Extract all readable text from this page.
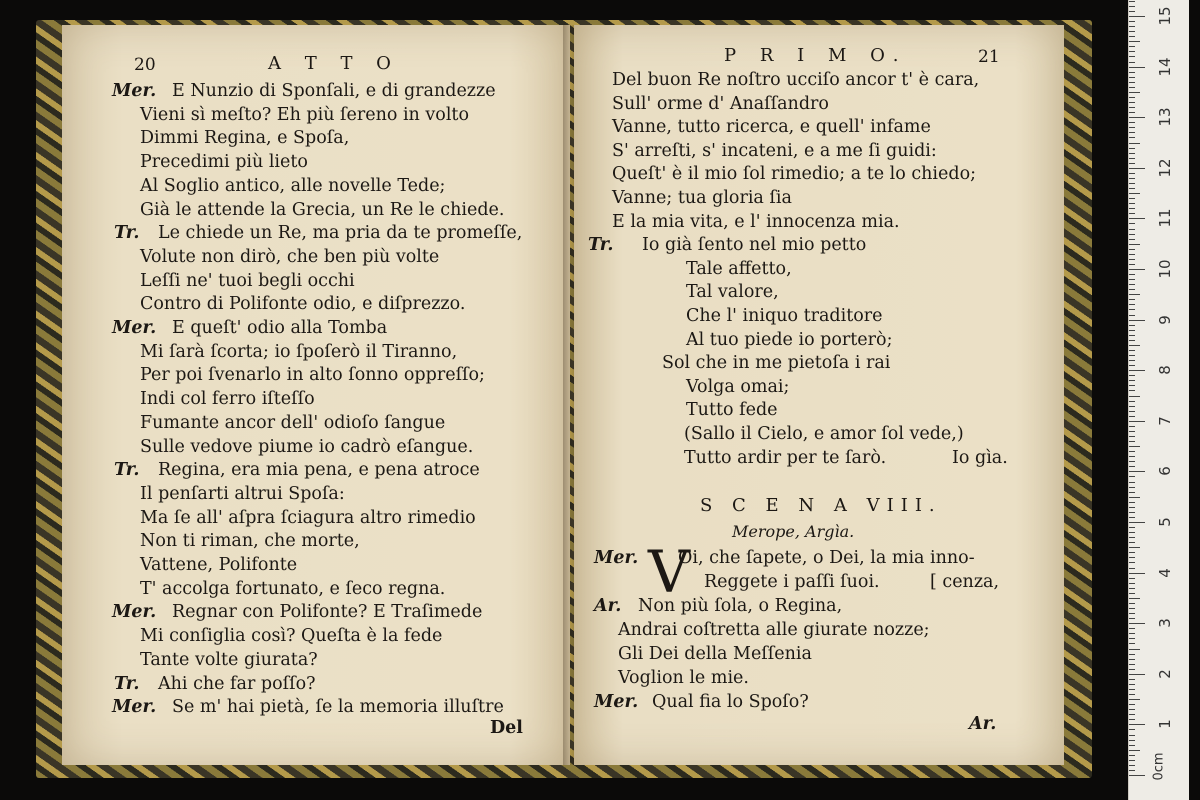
20	A T T O
Mer. E Nunzio di Sponſali, e di grandezze
Vieni sì meſto? Eh più ſereno in volto
Dimmi Regina, e Spoſa,
Precedimi più lieto
Al Soglio antico, alle novelle Tede;
Già le attende la Grecia, un Re le chiede.
Tr. Le chiede un Re, ma pria da te promeſſe,
Volute non dirò, che ben più volte
Leſſi ne' tuoi begli occhi
Contro di Polifonte odio, e diſprezzo.
Mer. E queſt' odio alla Tomba
Mi ſarà ſcorta; io ſpoſerò il Tiranno,
Per poi ſvenarlo in alto ſonno oppreſſo;
Indi col ferro iſteſſo
Fumante ancor dell' odioſo ſangue
Sulle vedove piume io cadrò eſangue.
Tr. Regina, era mia pena, e pena atroce
Il penſarti altrui Spoſa:
Ma ſe all' aſpra ſciagura altro rimedio
Non ti riman, che morte,
Vattene, Polifonte
T' accolga fortunato, e ſeco regna.
Mer. Regnar con Polifonte? E Traſimede
Mi conſiglia così? Queſta è la fede
Tante volte giurata?
Tr. Ahi che far poſſo?
Mer. Se m' hai pietà, ſe la memoria illuſtre
Del
P R I M O.	21
Del buon Re noſtro ucciſo ancor t' è cara,
Sull' orme d' Anaſſandro
Vanne, tutto ricerca, e quell' infame
S' arreſti, s' incateni, e a me ſi guidi:
Queſt' è il mio ſol rimedio; a te lo chiedo;
Vanne; tua gloria ſia
E la mia vita, e l' innocenza mia.
Tr. Io già ſento nel mio petto
Tale affetto,
Tal valore,
Che l' iniquo traditore
Al tuo piede io porterò;
Sol che in me pietoſa i rai
Volga omai;
Tutto fede
(Sallo il Cielo, e amor ſol vede,)
Tutto ardir per te ſarò.	Io gìa.
S C E N A VIII.
Merope, Argìa.
V
Mer. Oi, che ſapete, o Dei, la mia inno-
Reggete i paſſi ſuoi.	[ cenza,
Ar. Non più ſola, o Regina,
Andrai coſtretta alle giurate nozze;
Gli Dei della Meſſenia
Voglion le mie.
Mer. Qual fia lo Spoſo?
Ar.	1
2
3
4
5
6
7
8
9
10
11
12
13
14
15
0cm
